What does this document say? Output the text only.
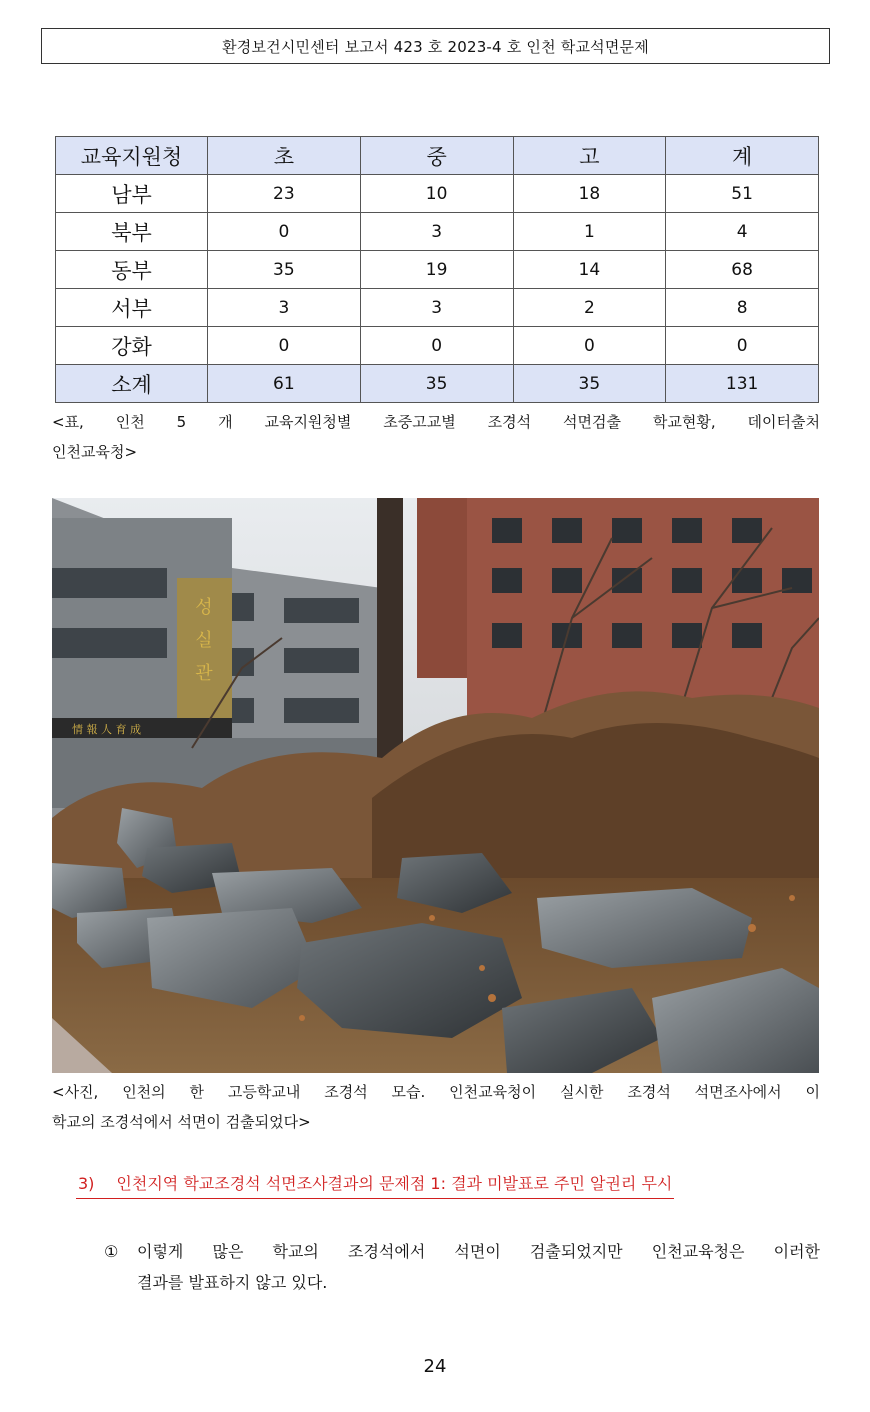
환경보건시민센터 보고서 423 호 2023-4 호 인천 학교석면문제
교육지원청	초	중	고	계
남부	23	10	18	51
북부	0	3	1	4
동부	35	19	14	68
서부	3	3	2	8
강화	0	0	0	0
소계	61	35	35	131
<표, 인천 5 개 교육지원청별 초중고교별 조경석 석면검출 학교현황, 데이터출처
인천교육청>
성
실
관
情 報 人 育 成
<사진, 인천의 한 고등학교내 조경석 모습. 인천교육청이 실시한 조경석 석면조사에서 이
학교의 조경석에서 석면이 검출되었다>
3) 인천지역 학교조경석 석면조사결과의 문제점 1: 결과 미발표로 주민 알권리 무시
① 이렇게 많은 학교의 조경석에서 석면이 검출되었지만 인천교육청은 이러한
결과를 발표하지 않고 있다.
24
